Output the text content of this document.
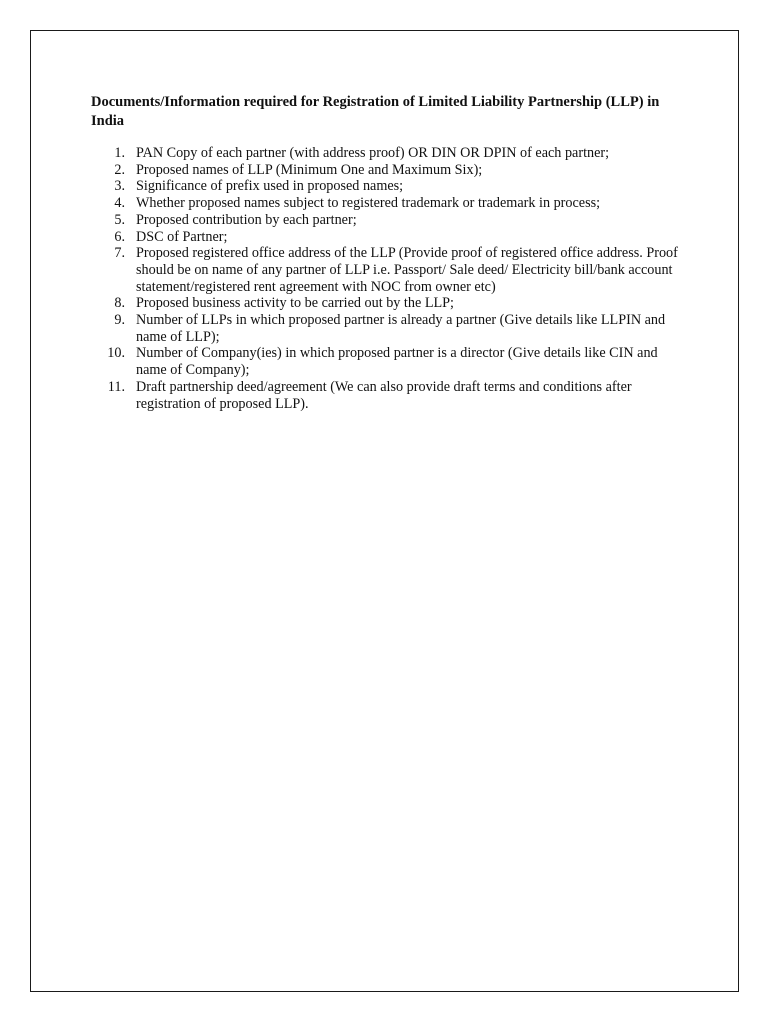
Documents/Information required for Registration of Limited Liability Partnership (LLP) in India
1. PAN Copy of each partner (with address proof) OR DIN OR DPIN of each partner;
2. Proposed names of LLP (Minimum One and Maximum Six);
3. Significance of prefix used in proposed names;
4. Whether proposed names subject to registered trademark or trademark in process;
5. Proposed contribution by each partner;
6. DSC of Partner;
7. Proposed registered office address of the LLP (Provide proof of registered office address. Proof should be on name of any partner of LLP i.e. Passport/ Sale deed/ Electricity bill/bank account statement/registered rent agreement with NOC from owner etc)
8. Proposed business activity to be carried out by the LLP;
9. Number of LLPs in which proposed partner is already a partner (Give details like LLPIN and name of LLP);
10. Number of Company(ies) in which proposed partner is a director (Give details like CIN and name of Company);
11. Draft partnership deed/agreement (We can also provide draft terms and conditions after registration of proposed LLP).
